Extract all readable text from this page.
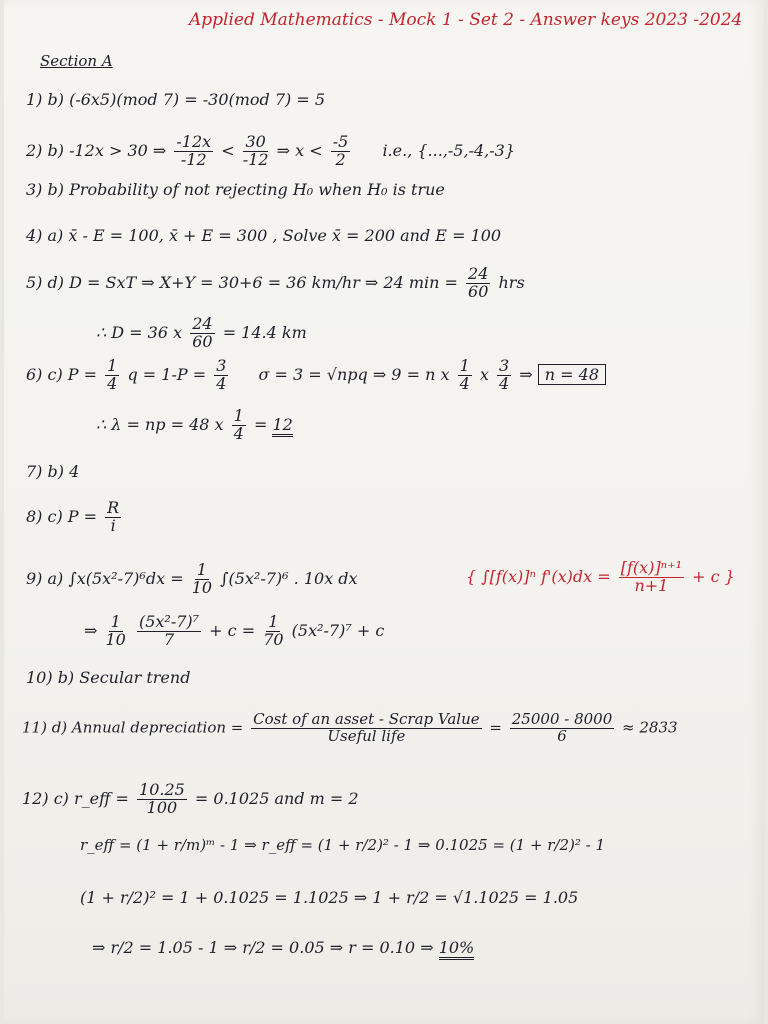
Applied Mathematics - Mock 1 - Set 2 - Answer keys 2023 -2024
Section A
1) b) (-6x5)(mod 7) = -30(mod 7) = 5
2) b) -12x > 30 ⇒ $\frac{-12x}{-12} < \frac{30}{-12}$ ⇒ $x < \frac{-5}{2} i.e$., {...,-5,-4,-3}
3) b) Probability of not rejecting H₀ when H₀ is true
4) a) x̄ - E = 100, x̄ + E = 300 , Solve x̄ = 200 and E = 100
5) d) D = SxT ⇒ X+Y = 30+6 = 36 km/hr ⇒ 24 $\min = \frac{24}{60}$ hrs
∴ D = 36 x $\frac{24}{60} = 14.4$ km
6) c) $P = \frac{1}{4}$ $q = 1-P = \frac{3}{4}$ σ = 3 = √npq ⇒ 9 = n x $\frac{1}{4}$ x $\frac{3}{4}$ ⇒ n = 48
∴ λ = np = 48 x $\frac{1}{4} = 12$
7) b) 4
8) c) $P = \frac{R}{i}$
9) a) $\int x(5x^2-7)^6dx = \frac{1}{10} \int(5x^2-7)^6$ . 10x dx	{ ∫[f(x)]ⁿ $f'(x)dx = \frac{\text{[f(x)]ⁿ⁺¹}}{n+1} + c$ }
⇒ $\frac{1}{10}$
$\frac{\text{(5x²-7)⁷}}{7} + c = \frac{1}{70} (5x^2-7)^7 + c$
10) b) Secular trend
11) d) Annual depreciation = $\frac{\text{Cost of an asset - Scrap Value}}{\text{Useful life}} = \frac{25000 - 8000}{6} \approx 2833$
12) c) r_eff = $\frac{10.25}{100} = 0.1025$ and m = 2
r_eff = (1 + r/m)ᵐ - 1 ⇒ r_eff = (1 + r/2)² - 1 ⇒ 0.1025 = (1 + r/2)² - 1
(1 + r/2)² = 1 + 0.1025 = 1.1025 ⇒ 1 + r/2 = √1.1025 = 1.05
⇒ r/2 = 1.05 - 1 ⇒ r/2 = 0.05 ⇒ r = 0.10 ⇒ 10%
